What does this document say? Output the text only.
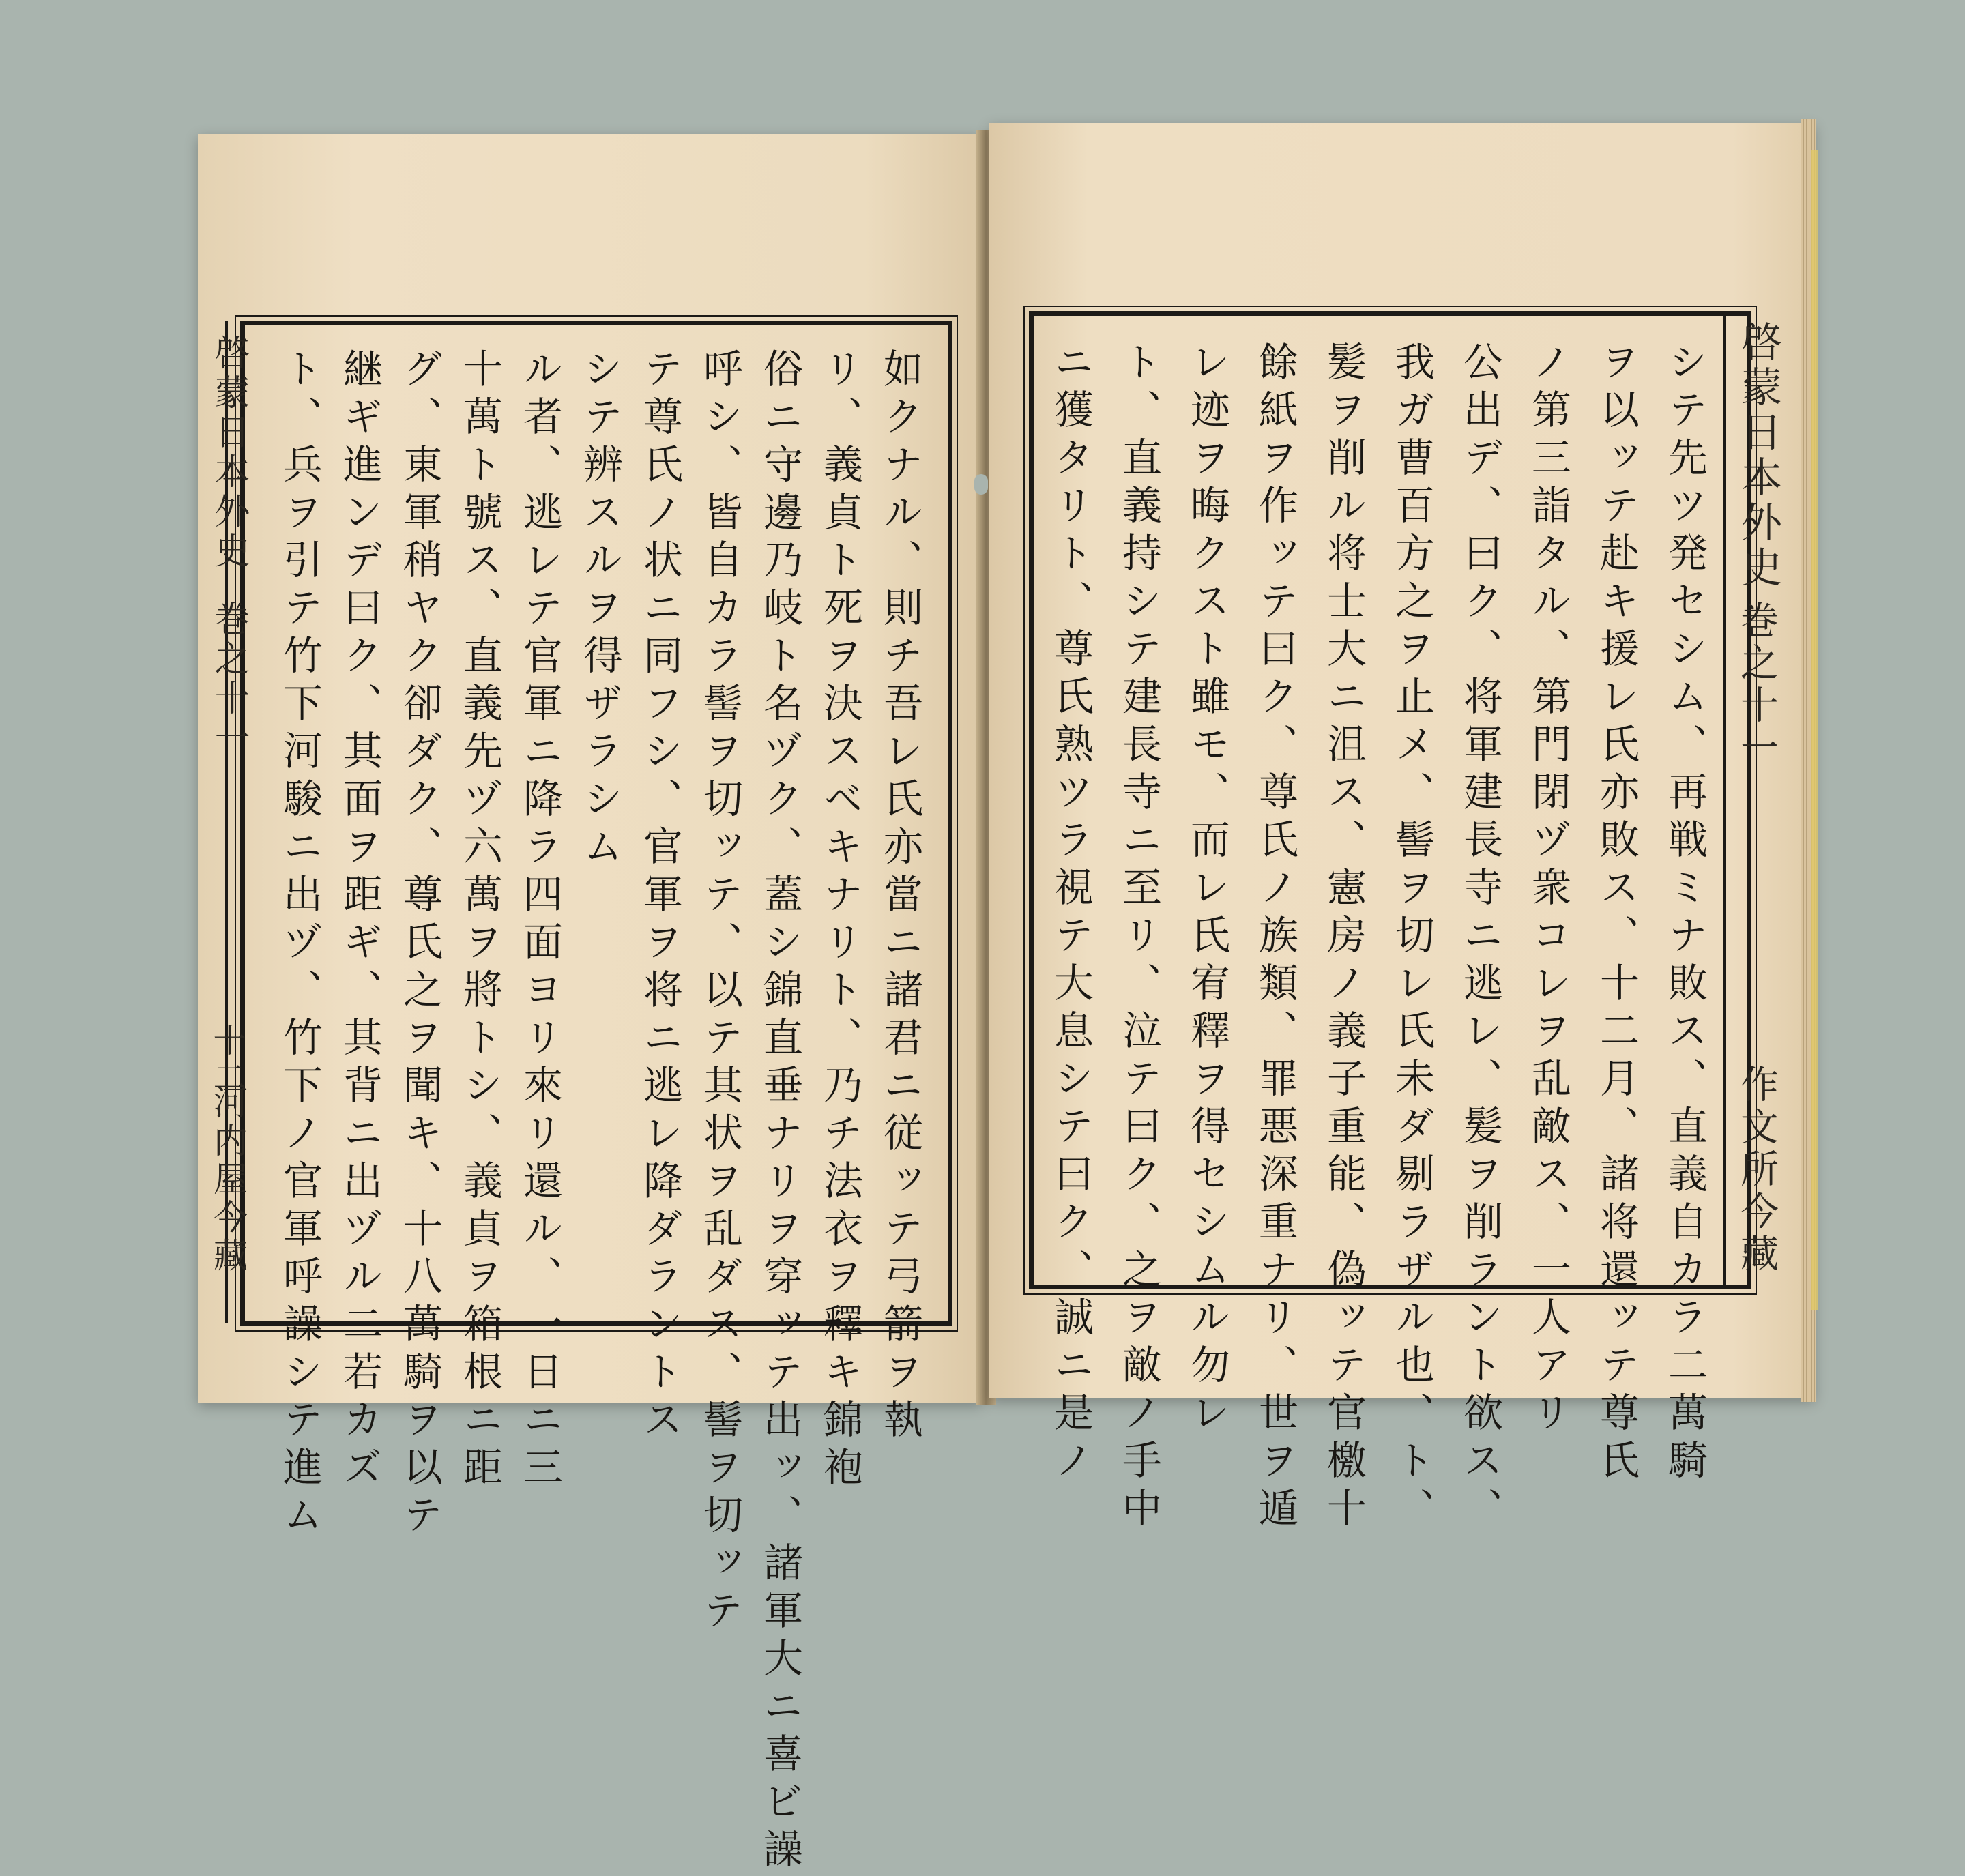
啓蒙日本外史
巻之十一
作文所今藏
シテ先ツ発セシム、再戦ミナ敗ス、直義自カラ二萬騎
ヲ以ッテ赴キ援レ氏亦敗ス、十二月、諸将還ッテ尊氏
ノ第三詣タル、第門閉ヅ衆コレヲ乱敵ス、一人アリ
公出デ、曰ク、将軍建長寺ニ逃レ、髪ヲ削ラント欲ス、
我ガ曹百方之ヲ止メ、髻ヲ切レ氏未ダ剔ラザル也、ト、
髪ヲ削ル将士大ニ沮ス、憲房ノ義子重能、偽ッテ官檄十
餘紙ヲ作ッテ曰ク、尊氏ノ族類、罪悪深重ナリ、世ヲ遁
レ迹ヲ晦クスト雖モ、而レ氏宥釋ヲ得セシムル勿レ
ト、直義持シテ建長寺ニ至リ、泣テ曰ク、之ヲ敵ノ手中
ニ獲タリト、尊氏熟ツラ視テ大息シテ曰ク、誠ニ是ノ
啓蒙日本外史
巻之十一
十二
河内屋今藏	如クナル、則チ吾レ氏亦當ニ諸君ニ従ッテ弓箭ヲ執
リ、義貞ト死ヲ決スベキナリト、乃チ法衣ヲ釋キ錦袍
俗ニ守邊乃岐ト名ヅク、蓋シ錦直垂ナリヲ穿ッテ出ッ、諸軍大ニ喜ビ譟
呼シ、皆自カラ髻ヲ切ッテ、以テ其状ヲ乱ダス、髻ヲ切ッテ
テ尊氏ノ状ニ同フシ、官軍ヲ将ニ逃レ降ダラントス
シテ辨スルヲ得ザラシム
ル者、逃レテ官軍ニ降ラ四面ヨリ來リ還ル、一日ニ三
十萬ト號ス、直義先ヅ六萬ヲ將トシ、義貞ヲ箱根ニ距
グ、東軍稍ヤク卻ダク、尊氏之ヲ聞キ、十八萬騎ヲ以テ
継ギ進ンデ曰ク、其面ヲ距ギ、其背ニ出ヅル二若カズ
ト、兵ヲ引テ竹下河駿ニ出ヅ、竹下ノ官軍呼譟シテ進ム
